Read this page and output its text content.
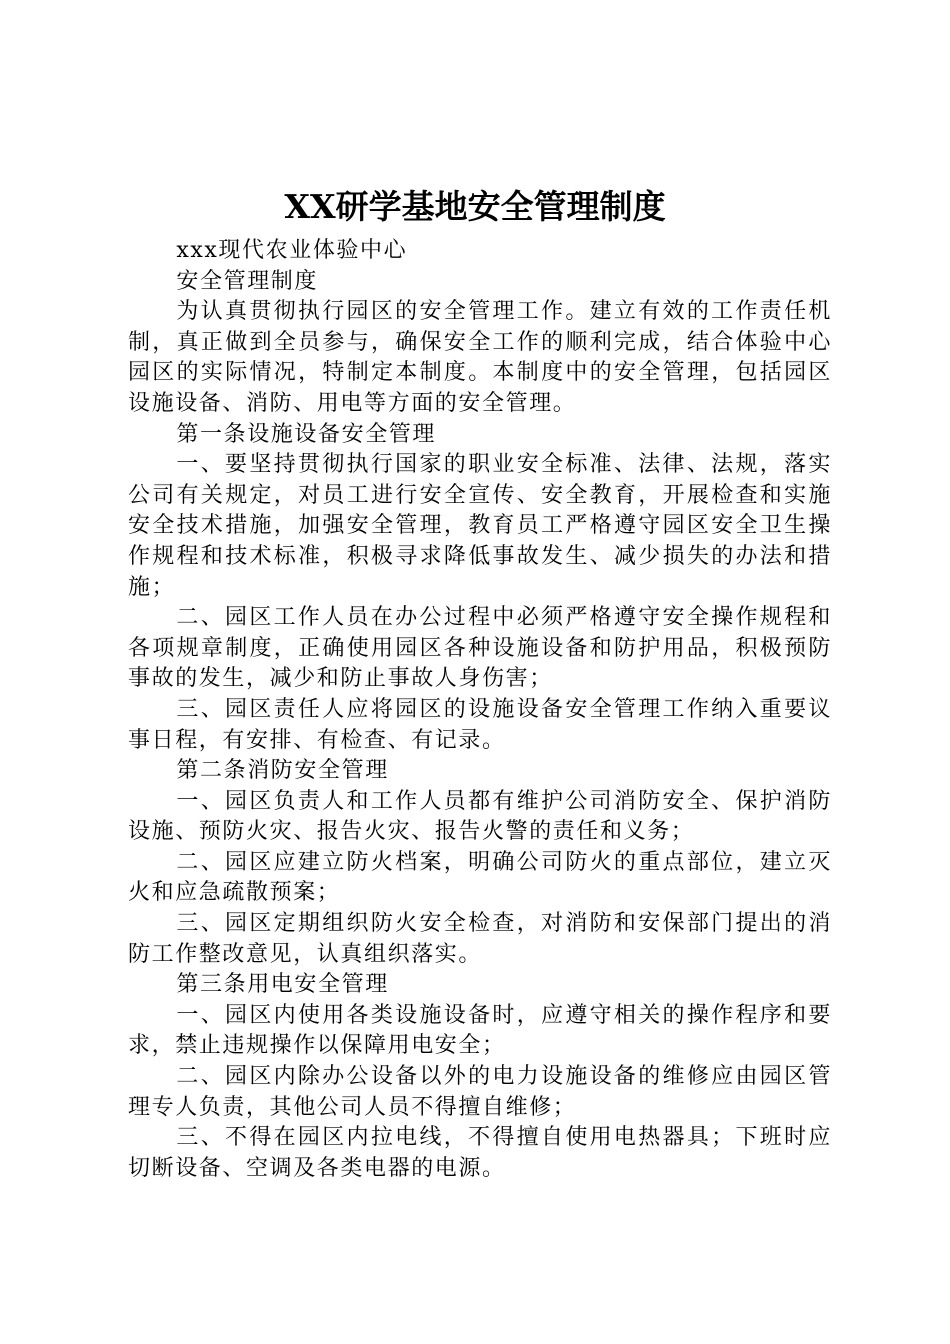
XX研学基地安全管理制度

xxx现代农业体验中心

安全管理制度

为认真贯彻执行园区的安全管理工作。建立有效的工作责任机制，真正做到全员参与，确保安全工作的顺利完成，结合体验中心园区的实际情况，特制定本制度。本制度中的安全管理，包括园区设施设备、消防、用电等方面的安全管理。

第一条设施设备安全管理

一、要坚持贯彻执行国家的职业安全标准、法律、法规，落实公司有关规定，对员工进行安全宣传、安全教育，开展检查和实施安全技术措施，加强安全管理，教育员工严格遵守园区安全卫生操作规程和技术标准，积极寻求降低事故发生、减少损失的办法和措施；

二、园区工作人员在办公过程中必须严格遵守安全操作规程和各项规章制度，正确使用园区各种设施设备和防护用品，积极预防事故的发生，减少和防止事故人身伤害；

三、园区责任人应将园区的设施设备安全管理工作纳入重要议事日程，有安排、有检查、有记录。

第二条消防安全管理

一、园区负责人和工作人员都有维护公司消防安全、保护消防设施、预防火灾、报告火灾、报告火警的责任和义务；

二、园区应建立防火档案，明确公司防火的重点部位，建立灭火和应急疏散预案；

三、园区定期组织防火安全检查，对消防和安保部门提出的消防工作整改意见，认真组织落实。

第三条用电安全管理

一、园区内使用各类设施设备时，应遵守相关的操作程序和要求，禁止违规操作以保障用电安全；

二、园区内除办公设备以外的电力设施设备的维修应由园区管理专人负责，其他公司人员不得擅自维修；

三、不得在园区内拉电线，不得擅自使用电热器具；下班时应切断设备、空调及各类电器的电源。
